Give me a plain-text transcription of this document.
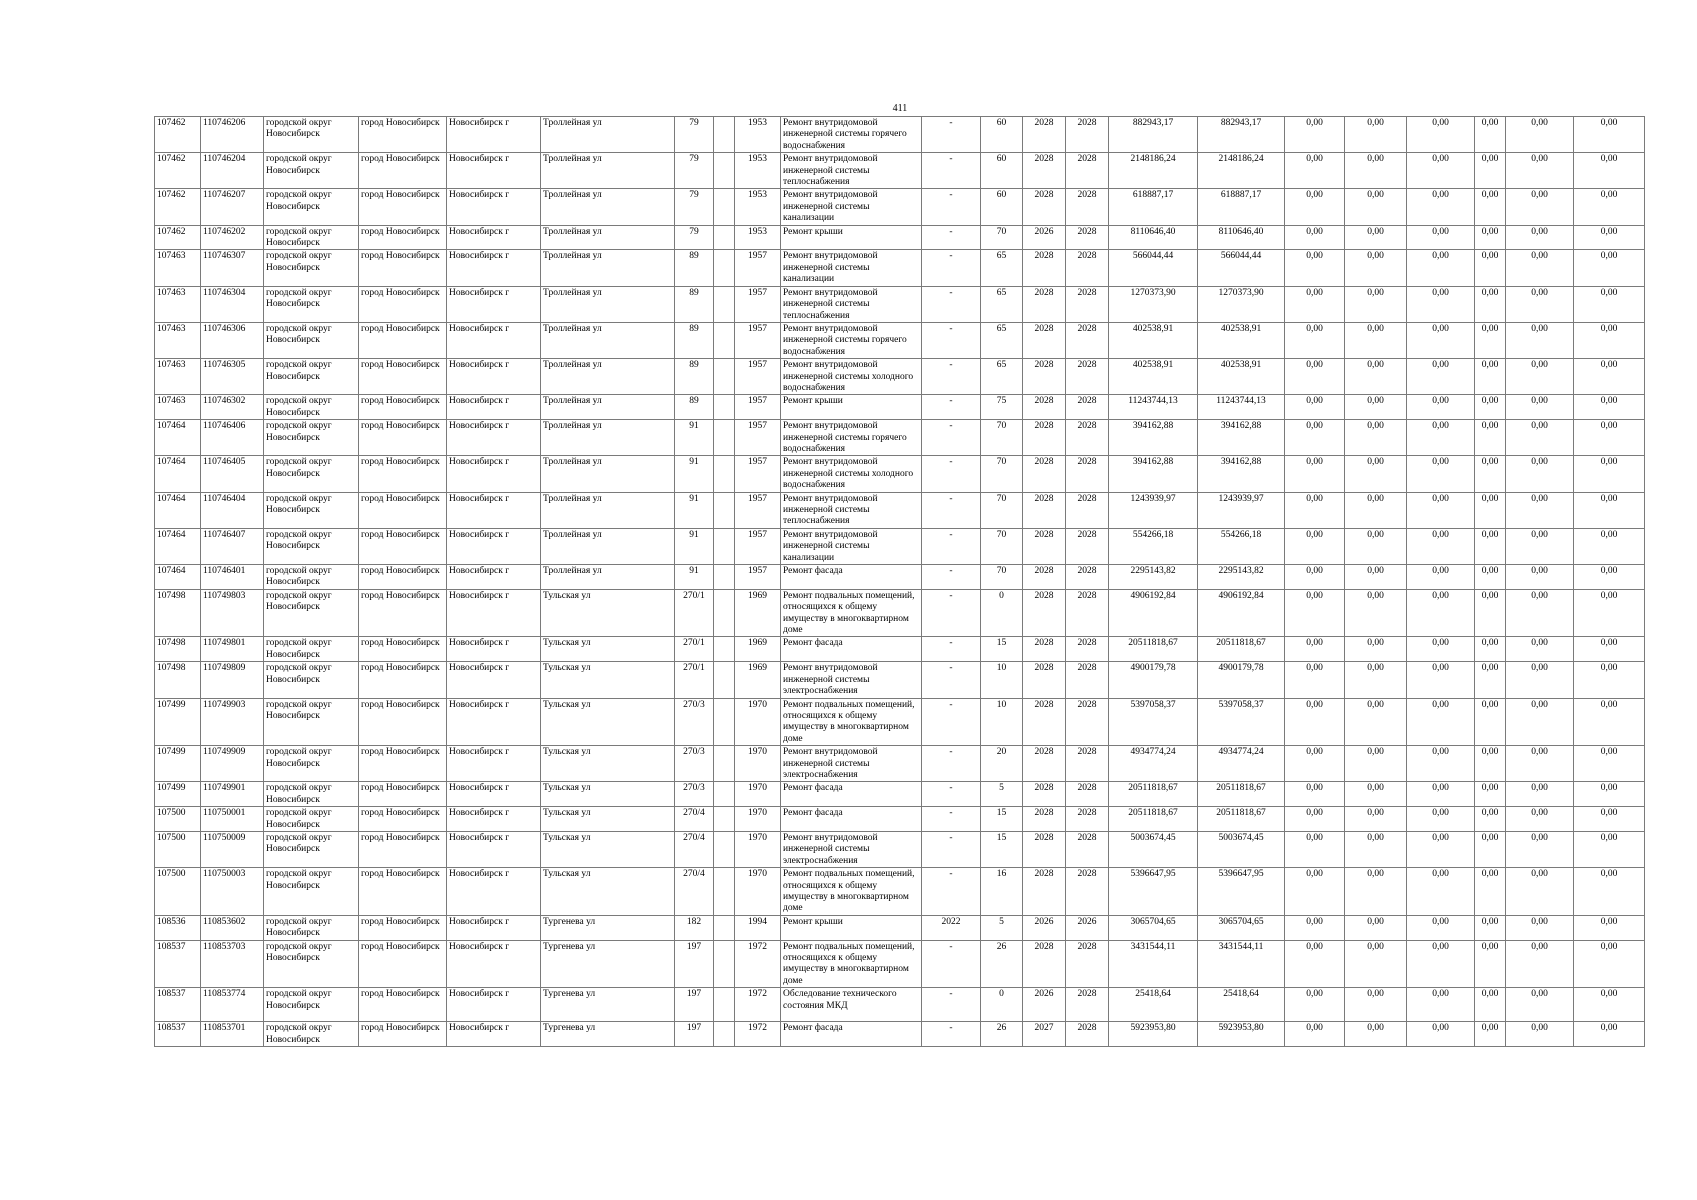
411
107462	110746206	городской округ Новосибирск	город Новосибирск	Новосибирск г	Троллейная ул	79		1953	Ремонт внутридомовой инженерной системы горячего водоснабжения	-	60	2028	2028	882943,17	882943,17	0,00	0,00	0,00	0,00	0,00	0,00
107462	110746204	городской округ Новосибирск	город Новосибирск	Новосибирск г	Троллейная ул	79		1953	Ремонт внутридомовой инженерной системы теплоснабжения	-	60	2028	2028	2148186,24	2148186,24	0,00	0,00	0,00	0,00	0,00	0,00
107462	110746207	городской округ Новосибирск	город Новосибирск	Новосибирск г	Троллейная ул	79		1953	Ремонт внутридомовой инженерной системы канализации	-	60	2028	2028	618887,17	618887,17	0,00	0,00	0,00	0,00	0,00	0,00
107462	110746202	городской округ Новосибирск	город Новосибирск	Новосибирск г	Троллейная ул	79		1953	Ремонт крыши	-	70	2026	2028	8110646,40	8110646,40	0,00	0,00	0,00	0,00	0,00	0,00
107463	110746307	городской округ Новосибирск	город Новосибирск	Новосибирск г	Троллейная ул	89		1957	Ремонт внутридомовой инженерной системы канализации	-	65	2028	2028	566044,44	566044,44	0,00	0,00	0,00	0,00	0,00	0,00
107463	110746304	городской округ Новосибирск	город Новосибирск	Новосибирск г	Троллейная ул	89		1957	Ремонт внутридомовой инженерной системы теплоснабжения	-	65	2028	2028	1270373,90	1270373,90	0,00	0,00	0,00	0,00	0,00	0,00
107463	110746306	городской округ Новосибирск	город Новосибирск	Новосибирск г	Троллейная ул	89		1957	Ремонт внутридомовой инженерной системы горячего водоснабжения	-	65	2028	2028	402538,91	402538,91	0,00	0,00	0,00	0,00	0,00	0,00
107463	110746305	городской округ Новосибирск	город Новосибирск	Новосибирск г	Троллейная ул	89		1957	Ремонт внутридомовой инженерной системы холодного водоснабжения	-	65	2028	2028	402538,91	402538,91	0,00	0,00	0,00	0,00	0,00	0,00
107463	110746302	городской округ Новосибирск	город Новосибирск	Новосибирск г	Троллейная ул	89		1957	Ремонт крыши	-	75	2028	2028	11243744,13	11243744,13	0,00	0,00	0,00	0,00	0,00	0,00
107464	110746406	городской округ Новосибирск	город Новосибирск	Новосибирск г	Троллейная ул	91		1957	Ремонт внутридомовой инженерной системы горячего водоснабжения	-	70	2028	2028	394162,88	394162,88	0,00	0,00	0,00	0,00	0,00	0,00
107464	110746405	городской округ Новосибирск	город Новосибирск	Новосибирск г	Троллейная ул	91		1957	Ремонт внутридомовой инженерной системы холодного водоснабжения	-	70	2028	2028	394162,88	394162,88	0,00	0,00	0,00	0,00	0,00	0,00
107464	110746404	городской округ Новосибирск	город Новосибирск	Новосибирск г	Троллейная ул	91		1957	Ремонт внутридомовой инженерной системы теплоснабжения	-	70	2028	2028	1243939,97	1243939,97	0,00	0,00	0,00	0,00	0,00	0,00
107464	110746407	городской округ Новосибирск	город Новосибирск	Новосибирск г	Троллейная ул	91		1957	Ремонт внутридомовой инженерной системы канализации	-	70	2028	2028	554266,18	554266,18	0,00	0,00	0,00	0,00	0,00	0,00
107464	110746401	городской округ Новосибирск	город Новосибирск	Новосибирск г	Троллейная ул	91		1957	Ремонт фасада	-	70	2028	2028	2295143,82	2295143,82	0,00	0,00	0,00	0,00	0,00	0,00
107498	110749803	городской округ Новосибирск	город Новосибирск	Новосибирск г	Тульская ул	270/1		1969	Ремонт подвальных помещений, относящихся к общему имуществу в многоквартирном доме	-	0	2028	2028	4906192,84	4906192,84	0,00	0,00	0,00	0,00	0,00	0,00
107498	110749801	городской округ Новосибирск	город Новосибирск	Новосибирск г	Тульская ул	270/1		1969	Ремонт фасада	-	15	2028	2028	20511818,67	20511818,67	0,00	0,00	0,00	0,00	0,00	0,00
107498	110749809	городской округ Новосибирск	город Новосибирск	Новосибирск г	Тульская ул	270/1		1969	Ремонт внутридомовой инженерной системы электроснабжения	-	10	2028	2028	4900179,78	4900179,78	0,00	0,00	0,00	0,00	0,00	0,00
107499	110749903	городской округ Новосибирск	город Новосибирск	Новосибирск г	Тульская ул	270/3		1970	Ремонт подвальных помещений, относящихся к общему имуществу в многоквартирном доме	-	10	2028	2028	5397058,37	5397058,37	0,00	0,00	0,00	0,00	0,00	0,00
107499	110749909	городской округ Новосибирск	город Новосибирск	Новосибирск г	Тульская ул	270/3		1970	Ремонт внутридомовой инженерной системы электроснабжения	-	20	2028	2028	4934774,24	4934774,24	0,00	0,00	0,00	0,00	0,00	0,00
107499	110749901	городской округ Новосибирск	город Новосибирск	Новосибирск г	Тульская ул	270/3		1970	Ремонт фасада	-	5	2028	2028	20511818,67	20511818,67	0,00	0,00	0,00	0,00	0,00	0,00
107500	110750001	городской округ Новосибирск	город Новосибирск	Новосибирск г	Тульская ул	270/4		1970	Ремонт фасада	-	15	2028	2028	20511818,67	20511818,67	0,00	0,00	0,00	0,00	0,00	0,00
107500	110750009	городской округ Новосибирск	город Новосибирск	Новосибирск г	Тульская ул	270/4		1970	Ремонт внутридомовой инженерной системы электроснабжения	-	15	2028	2028	5003674,45	5003674,45	0,00	0,00	0,00	0,00	0,00	0,00
107500	110750003	городской округ Новосибирск	город Новосибирск	Новосибирск г	Тульская ул	270/4		1970	Ремонт подвальных помещений, относящихся к общему имуществу в многоквартирном доме	-	16	2028	2028	5396647,95	5396647,95	0,00	0,00	0,00	0,00	0,00	0,00
108536	110853602	городской округ Новосибирск	город Новосибирск	Новосибирск г	Тургенева ул	182		1994	Ремонт крыши	2022	5	2026	2026	3065704,65	3065704,65	0,00	0,00	0,00	0,00	0,00	0,00
108537	110853703	городской округ Новосибирск	город Новосибирск	Новосибирск г	Тургенева ул	197		1972	Ремонт подвальных помещений, относящихся к общему имуществу в многоквартирном доме	-	26	2028	2028	3431544,11	3431544,11	0,00	0,00	0,00	0,00	0,00	0,00
108537	110853774	городской округ Новосибирск	город Новосибирск	Новосибирск г	Тургенева ул	197		1972	Обследование технического состояния МКД	-	0	2026	2028	25418,64	25418,64	0,00	0,00	0,00	0,00	0,00	0,00
108537	110853701	городской округ Новосибирск	город Новосибирск	Новосибирск г	Тургенева ул	197		1972	Ремонт фасада	-	26	2027	2028	5923953,80	5923953,80	0,00	0,00	0,00	0,00	0,00	0,00
